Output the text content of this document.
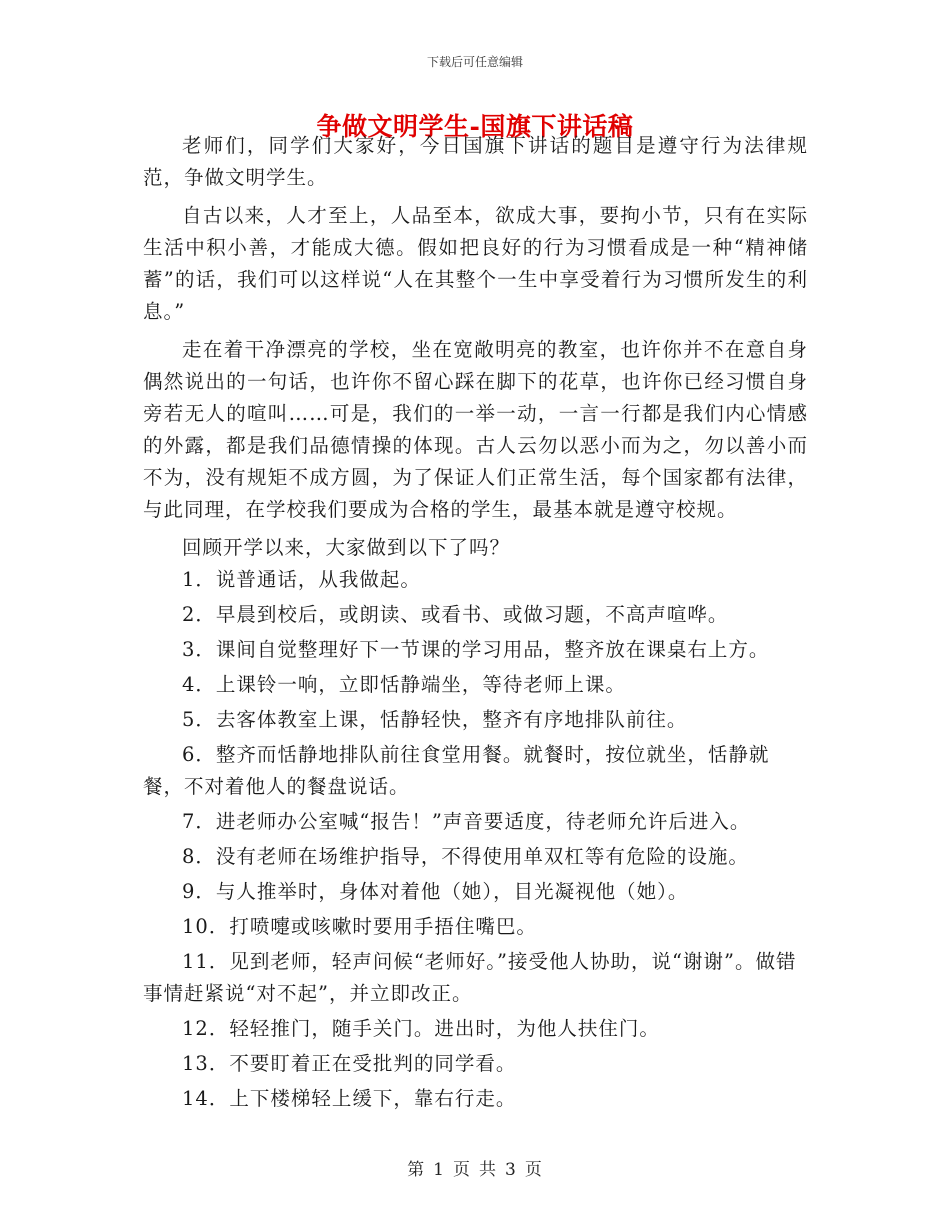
下载后可任意编辑
争做文明学生-国旗下讲话稿

老师们，同学们大家好，今日国旗下讲话的题目是遵守行为法律规范，争做文明学生。

自古以来，人才至上，人品至本，欲成大事，要拘小节，只有在实际生活中积小善，才能成大德。假如把良好的行为习惯看成是一种“精神储蓄”的话，我们可以这样说“人在其整个一生中享受着行为习惯所发生的利息。”

走在着干净漂亮的学校，坐在宽敞明亮的教室，也许你并不在意自身偶然说出的一句话，也许你不留心踩在脚下的花草，也许你已经习惯自身旁若无人的喧叫……可是，我们的一举一动，一言一行都是我们内心情感的外露，都是我们品德情操的体现。古人云勿以恶小而为之，勿以善小而不为，没有规矩不成方圆，为了保证人们正常生活，每个国家都有法律，与此同理，在学校我们要成为合格的学生，最基本就是遵守校规。

回顾开学以来，大家做到以下了吗？

1．说普通话，从我做起。

2．早晨到校后，或朗读、或看书、或做习题，不高声喧哗。

3．课间自觉整理好下一节课的学习用品，整齐放在课桌右上方。

4．上课铃一响，立即恬静端坐，等待老师上课。

5．去客体教室上课，恬静轻快，整齐有序地排队前往。

6．整齐而恬静地排队前往食堂用餐。就餐时，按位就坐，恬静就餐，不对着他人的餐盘说话。

7．进老师办公室喊“报告！”声音要适度，待老师允许后进入。

8．没有老师在场维护指导，不得使用单双杠等有危险的设施。

9．与人推举时，身体对着他（她），目光凝视他（她）。

10．打喷嚏或咳嗽时要用手捂住嘴巴。

11．见到老师，轻声问候“老师好。”接受他人协助，说“谢谢”。做错事情赶紧说“对不起”，并立即改正。

12．轻轻推门，随手关门。进出时，为他人扶住门。

13．不要盯着正在受批判的同学看。

14．上下楼梯轻上缓下，靠右行走。

第 1 页 共 3 页
